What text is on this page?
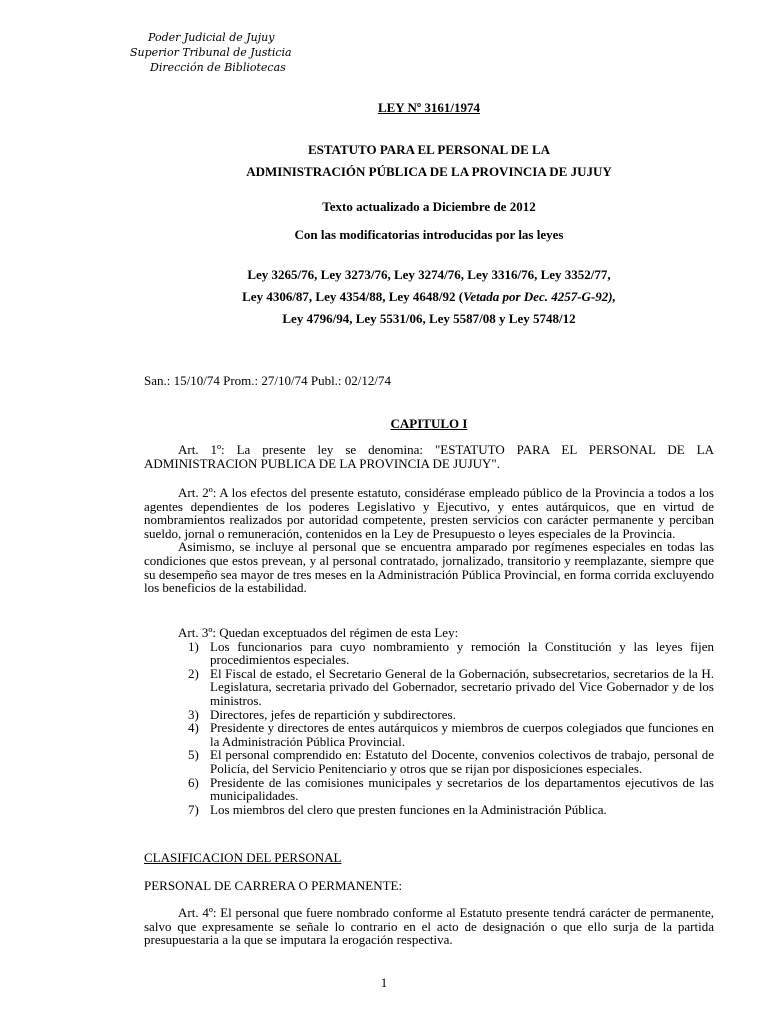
Poder Judicial de Jujuy
Superior Tribunal de Justicia
Dirección de Bibliotecas
LEY Nº 3161/1974
ESTATUTO PARA EL PERSONAL DE LA
ADMINISTRACIÓN PÚBLICA DE LA PROVINCIA DE JUJUY
Texto actualizado a Diciembre de 2012
Con las modificatorias introducidas por las leyes
Ley 3265/76, Ley 3273/76, Ley 3274/76, Ley 3316/76, Ley 3352/77,
Ley 4306/87, Ley 4354/88, Ley 4648/92 (Vetada por Dec. 4257-G-92),
Ley 4796/94, Ley 5531/06, Ley 5587/08 y Ley 5748/12
San.: 15/10/74 Prom.: 27/10/74 Publ.: 02/12/74
CAPITULO I

Art. 1º: La presente ley se denomina: "ESTATUTO PARA EL PERSONAL DE LA ADMINISTRACION PUBLICA DE LA PROVINCIA DE JUJUY".

Art. 2º: A los efectos del presente estatuto, considérase empleado público de la Provincia a todos a los agentes dependientes de los poderes Legislativo y Ejecutivo, y entes autárquicos, que en virtud de nombramientos realizados por autoridad competente, presten servicios con carácter permanente y perciban sueldo, jornal o remuneración, contenidos en la Ley de Presupuesto o leyes especiales de la Provincia.

Asimismo, se incluye al personal que se encuentra amparado por regímenes especiales en todas las condiciones que estos prevean, y al personal contratado, jornalizado, transitorio y reemplazante, siempre que su desempeño sea mayor de tres meses en la Administración Pública Provincial, en forma corrida excluyendo los beneficios de la estabilidad.

Art. 3º: Quedan exceptuados del régimen de esta Ley:

1) Los funcionarios para cuyo nombramiento y remoción la Constitución y las leyes fijen procedimientos especiales.
2) El Fiscal de estado, el Secretario General de la Gobernación, subsecretarios, secretarios de la H. Legislatura, secretaria privado del Gobernador, secretario privado del Vice Gobernador y de los ministros.
3) Directores, jefes de repartición y subdirectores.
4) Presidente y directores de entes autárquicos y miembros de cuerpos colegiados que funciones en la Administración Pública Provincial.
5) El personal comprendido en: Estatuto del Docente, convenios colectivos de trabajo, personal de Policía, del Servicio Penitenciario y otros que se rijan por disposiciones especiales.
6) Presidente de las comisiones municipales y secretarios de los departamentos ejecutivos de las municipalidades.
7) Los miembros del clero que presten funciones en la Administración Pública.
CLASIFICACION DEL PERSONAL
PERSONAL DE CARRERA O PERMANENTE:

Art. 4º: El personal que fuere nombrado conforme al Estatuto presente tendrá carácter de permanente, salvo que expresamente se señale lo contrario en el acto de designación o que ello surja de la partida presupuestaria a la que se imputara la erogación respectiva.

1
